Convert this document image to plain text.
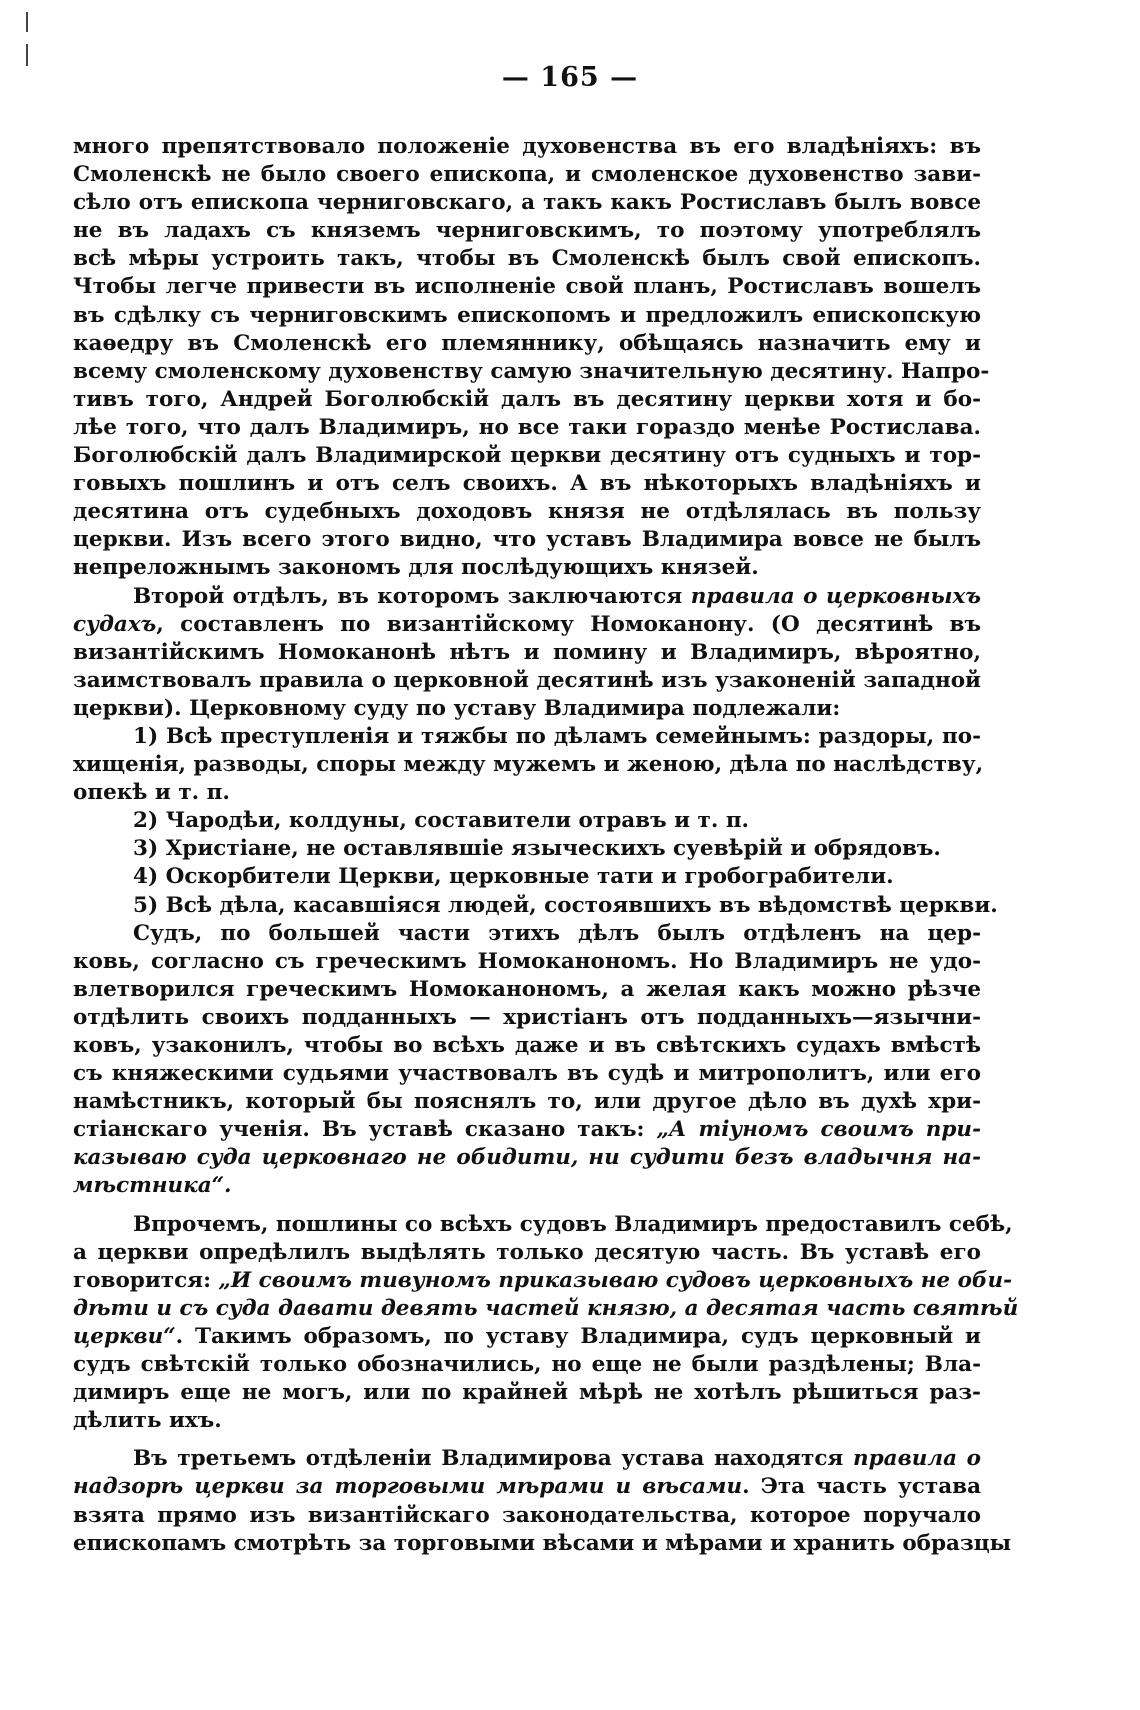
— 165 —
много препятствовало положеніе духовенства въ его владѣніяхъ: въ
Смоленскѣ не было своего епископа, и смоленское духовенство зави-
сѣло отъ епископа черниговскаго, а такъ какъ Ростиславъ былъ вовсе
не въ ладахъ съ княземъ черниговскимъ, то поэтому употреблялъ
всѣ мѣры устроить такъ, чтобы въ Смоленскѣ былъ свой епископъ.
Чтобы легче привести въ исполненіе свой планъ, Ростиславъ вошелъ
въ сдѣлку съ черниговскимъ епископомъ и предложилъ епископскую
каѳедру въ Смоленскѣ его племяннику, обѣщаясь назначить ему и
всему смоленскому духовенству самую значительную десятину. Напро-
тивъ того, Андрей Боголюбскій далъ въ десятину церкви хотя и бо-
лѣе того, что далъ Владимиръ, но все таки гораздо менѣе Ростислава.
Боголюбскій далъ Владимирской церкви десятину отъ судныхъ и тор-
говыхъ пошлинъ и отъ селъ своихъ. А въ нѣкоторыхъ владѣніяхъ и
десятина отъ судебныхъ доходовъ князя не отдѣлялась въ пользу
церкви. Изъ всего этого видно, что уставъ Владимира вовсе не былъ
непреложнымъ закономъ для послѣдующихъ князей.
Второй отдѣлъ, въ которомъ заключаются правила о церковныхъ
судахъ, составленъ по византійскому Номоканону. (О десятинѣ въ
византійскимъ Номоканонѣ нѣтъ и помину и Владимиръ, вѣроятно,
заимствовалъ правила о церковной десятинѣ изъ узаконеній западной
церкви). Церковному суду по уставу Владимира подлежали:
1) Всѣ преступленія и тяжбы по дѣламъ семейнымъ: раздоры, по-
хищенія, разводы, споры между мужемъ и женою, дѣла по наслѣдству,
опекѣ и т. п.
2) Чародѣи, колдуны, составители отравъ и т. п.
3) Христіане, не оставлявшіе языческихъ суевѣрій и обрядовъ.
4) Оскорбители Церкви, церковные тати и гробограбители.
5) Всѣ дѣла, касавшіяся людей, состоявшихъ въ вѣдомствѣ церкви.
Судъ, по большей части этихъ дѣлъ былъ отдѣленъ на цер-
ковь, согласно съ греческимъ Номоканономъ. Но Владимиръ не удо-
влетворился греческимъ Номоканономъ, а желая какъ можно рѣзче
отдѣлить своихъ подданныхъ — христіанъ отъ подданныхъ—язычни-
ковъ, узаконилъ, чтобы во всѣхъ даже и въ свѣтскихъ судахъ вмѣстѣ
съ княжескими судьями участвовалъ въ судѣ и митрополитъ, или его
намѣстникъ, который бы пояснялъ то, или другое дѣло въ духѣ хри-
стіанскаго ученія. Въ уставѣ сказано такъ: „А тіуномъ своимъ при-
казываю суда церковнаго не обидити, ни судити безъ владычня на-
мѣстника“.
Впрочемъ, пошлины со всѣхъ судовъ Владимиръ предоставилъ себѣ,
а церкви опредѣлилъ выдѣлять только десятую часть. Въ уставѣ его
говорится: „И своимъ тивуномъ приказываю судовъ церковныхъ не оби-
дѣти и съ суда давати девять частей князю, а десятая часть святѣй
церкви“. Такимъ образомъ, по уставу Владимира, судъ церковный и
судъ свѣтскій только обозначились, но еще не были раздѣлены; Вла-
димиръ еще не могъ, или по крайней мѣрѣ не хотѣлъ рѣшиться раз-
дѣлить ихъ.
Въ третьемъ отдѣленіи Владимирова устава находятся правила о
надзорѣ церкви за торговыми мѣрами и вѣсами. Эта часть устава
взята прямо изъ византійскаго законодательства, которое поручало
епископамъ смотрѣть за торговыми вѣсами и мѣрами и хранить образцы
